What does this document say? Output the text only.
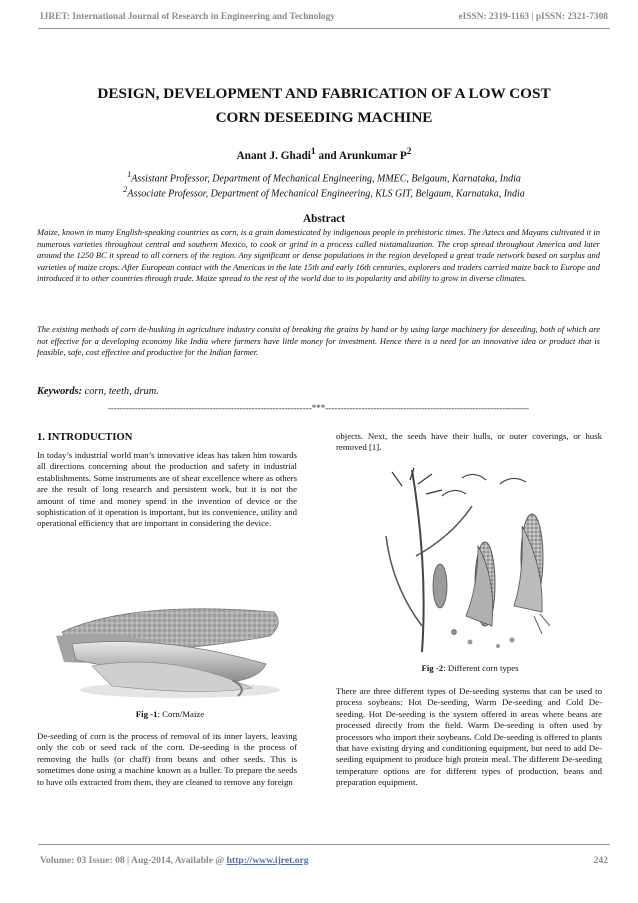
IJRET: International Journal of Research in Engineering and Technology	eISSN: 2319-1163 | pISSN: 2321-7308
DESIGN, DEVELOPMENT AND FABRICATION OF A LOW COST
CORN DESEEDING MACHINE
Anant J. Ghadi$^1$ and Arunkumar $P^2$
$^1$Assistant Professor, Department of Mechanical Engineering, MMEC, Belgaum, Karnataka, India
$^2$Associate Professor, Department of Mechanical Engineering, KLS GIT, Belgaum, Karnataka, India
Abstract

Maize, known in many English-speaking countries as corn, is a grain domesticated by indigenous people in prehistoric times. The Aztecs and Mayans cultivated it in numerous varieties throughout central and southern Mexico, to cook or grind in a process called nixtamalization. The crop spread throughout America and later around the 1250 BC it spread to all corners of the region. Any significant or dense populations in the region developed a great trade network based on surplus and varieties of maize crops. After European contact with the Americas in the late 15th and early 16th centuries, explorers and traders carried maize back to Europe and introduced it to other countries through trade. Maize spread to the rest of the world due to its popularity and ability to grow in diverse climates.

The existing methods of corn de-husking in agriculture industry consist of breaking the grains by hand or by using large machinery for deseeding, both of which are not effective for a developing economy like India where farmers have little money for investment. Hence there is a need for an innovative idea or product that is feasible, safe, cost effective and productive for the Indian farmer.

Keywords: corn, teeth, drum.
--------------------------------------------------------------------***--------------------------------------------------------------------
1. INTRODUCTION

In today’s industrial world man’s innovative ideas has taken him towards all directions concerning about the production and safety in industrial establishments. Some instruments are of shear excellence where as others are the result of long research and persistent work, but it is not the amount of time and money spend in the invention of device or the sophistication of it operation is important, but its convenience, utility and operational efficiency that are important in considering the device.

Fig -1: Corn/Maize

De-seeding of corn is the process of removal of its inner layers, leaving only the cob or seed rack of the corn. De-seeding is the process of removing the hulls (or chaff) from beans and other seeds. This is sometimes done using a machine known as a huller. To prepare the seeds to have oils extracted from them, they are cleaned to remove any foreign

objects. Next, the seeds have their hulls, or outer coverings, or husk removed [1].

Fig -2: Different corn types

There are three different types of De-seeding systems that can be used to process soybeans: Hot De-seeding, Warm De-seeding and Cold De-seeding. Hot De-seeding is the system offered in areas where beans are processed directly from the field. Warm De-seeding is often used by processors who import their soybeans. Cold De-seeding is offered to plants that have existing drying and conditioning equipment, but need to add De-seeding equipment to produce high protein meal. The different De-seeding temperature options are for different types of production, beans and preparation equipment.

Volume: 03 Issue: 08 | Aug-2014, Available @ http://www.ijret.org	242
